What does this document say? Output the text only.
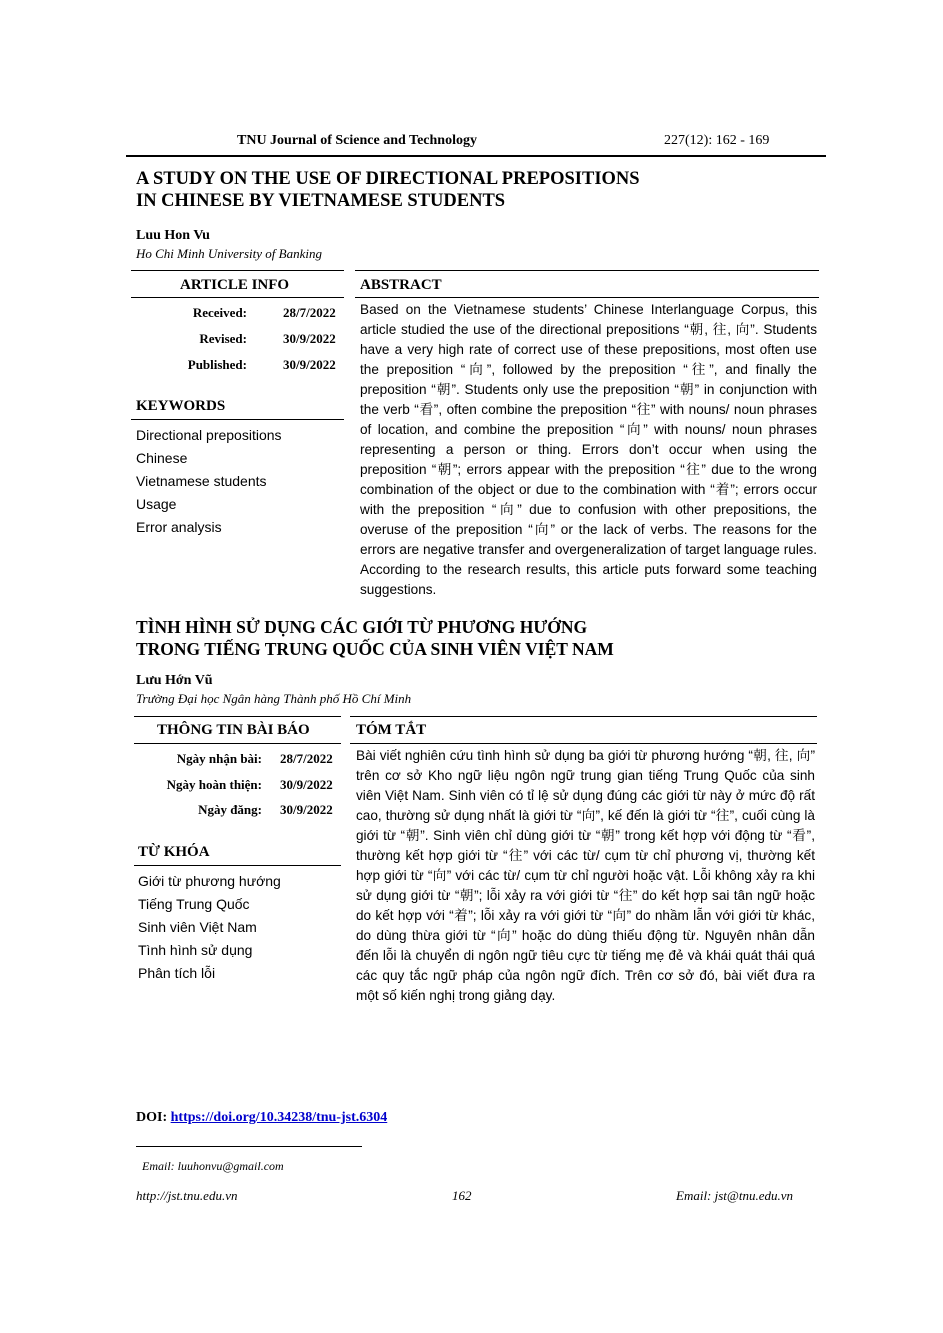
TNU Journal of Science and Technology	227(12): 162 - 169
A STUDY ON THE USE OF DIRECTIONAL PREPOSITIONS
IN CHINESE BY VIETNAMESE STUDENTS
Luu Hon Vu
Ho Chi Minh University of Banking
ARTICLE INFO	ABSTRACT
Received:	28/7/2022
Revised:	30/9/2022
Published:	30/9/2022
KEYWORDS
Directional prepositions
Chinese
Vietnamese students
Usage
Error analysis
Based on the Vietnamese students’ Chinese Interlanguage Corpus, this article studied the use of the directional prepositions “朝, 往, 向”. Students have a very high rate of correct use of these prepositions, most often use the preposition “向”, followed by the preposition “往”, and finally the preposition “朝”. Students only use the preposition “朝” in conjunction with the verb “看”, often combine the preposition “往” with nouns/ noun phrases of location, and combine the preposition “向” with nouns/ noun phrases representing a person or thing. Errors don’t occur when using the preposition “朝”; errors appear with the preposition “往” due to the wrong combination of the object or due to the combination with “着”; errors occur with the preposition “向” due to confusion with other prepositions, the overuse of the preposition “向” or the lack of verbs. The reasons for the errors are negative transfer and overgeneralization of target language rules. According to the research results, this article puts forward some teaching suggestions.
TÌNH HÌNH SỬ DỤNG CÁC GIỚI TỪ PHƯƠNG HƯỚNG
TRONG TIẾNG TRUNG QUỐC CỦA SINH VIÊN VIỆT NAM
Lưu Hớn Vũ
Trường Đại học Ngân hàng Thành phố Hồ Chí Minh
THÔNG TIN BÀI BÁO	TÓM TẮT
Ngày nhận bài: 28/7/2022
Ngày hoàn thiện: 30/9/2022
Ngày đăng: 30/9/2022
TỪ KHÓA
Giới từ phương hướng
Tiếng Trung Quốc
Sinh viên Việt Nam
Tình hình sử dụng
Phân tích lỗi
Bài viết nghiên cứu tình hình sử dụng ba giới từ phương hướng “朝, 往, 向” trên cơ sở Kho ngữ liệu ngôn ngữ trung gian tiếng Trung Quốc của sinh viên Việt Nam. Sinh viên có tỉ lệ sử dụng đúng các giới từ này ở mức độ rất cao, thường sử dụng nhất là giới từ “向”, kế đến là giới từ “往”, cuối cùng là giới từ “朝”. Sinh viên chỉ dùng giới từ “朝” trong kết hợp với động từ “看”, thường kết hợp giới từ “往” với các từ/ cụm từ chỉ phương vị, thường kết hợp giới từ “向” với các từ/ cụm từ chỉ người hoặc vật. Lỗi không xảy ra khi sử dụng giới từ “朝”; lỗi xảy ra với giới từ “往” do kết hợp sai tân ngữ hoặc do kết hợp với “着”; lỗi xảy ra với giới từ “向” do nhầm lẫn với giới từ khác, do dùng thừa giới từ “向” hoặc do dùng thiếu động từ. Nguyên nhân dẫn đến lỗi là chuyển di ngôn ngữ tiêu cực từ tiếng mẹ đẻ và khái quát thái quá các quy tắc ngữ pháp của ngôn ngữ đích. Trên cơ sở đó, bài viết đưa ra một số kiến nghị trong giảng dạy.
DOI: https://doi.org/10.34238/tnu-jst.6304
Email: luuhonvu@gmail.com
http://jst.tnu.edu.vn	162	Email: jst@tnu.edu.vn
